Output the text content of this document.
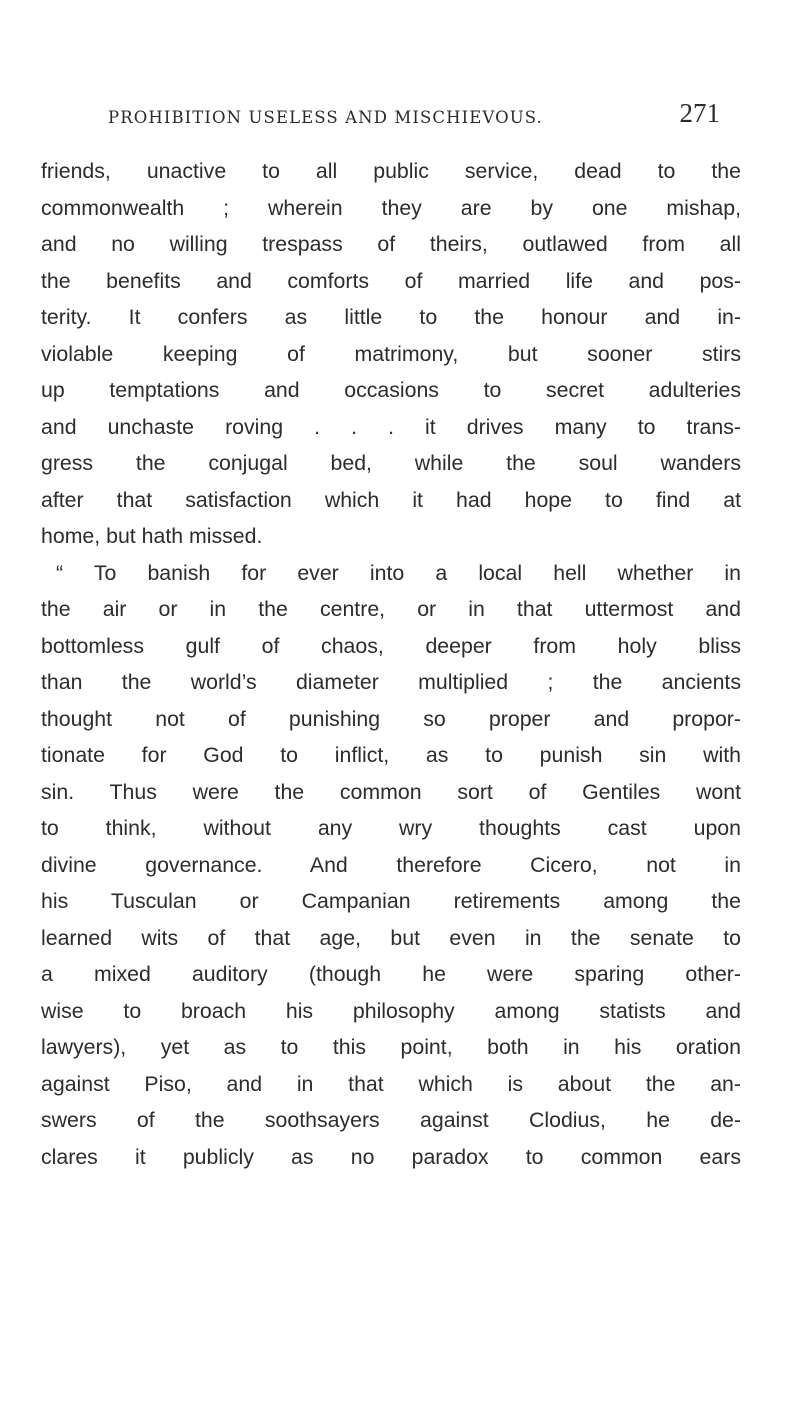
PROHIBITION USELESS AND MISCHIEVOUS.	271
friends, unactive to all public service, dead to the
commonwealth ; wherein they are by one mishap,
and no willing trespass of theirs, outlawed from all
the benefits and comforts of married life and pos-
terity. It confers as little to the honour and in-
violable keeping of matrimony, but sooner stirs
up temptations and occasions to secret adulteries
and unchaste roving . . . it drives many to trans-
gress the conjugal bed, while the soul wanders
after that satisfaction which it had hope to find at
home, but hath missed.
“ To banish for ever into a local hell whether in
the air or in the centre, or in that uttermost and
bottomless gulf of chaos, deeper from holy bliss
than the world’s diameter multiplied ; the ancients
thought not of punishing so proper and propor-
tionate for God to inflict, as to punish sin with
sin. Thus were the common sort of Gentiles wont
to think, without any wry thoughts cast upon
divine governance. And therefore Cicero, not in
his Tusculan or Campanian retirements among the
learned wits of that age, but even in the senate to
a mixed auditory (though he were sparing other-
wise to broach his philosophy among statists and
lawyers), yet as to this point, both in his oration
against Piso, and in that which is about the an-
swers of the soothsayers against Clodius, he de-
clares it publicly as no paradox to common ears
